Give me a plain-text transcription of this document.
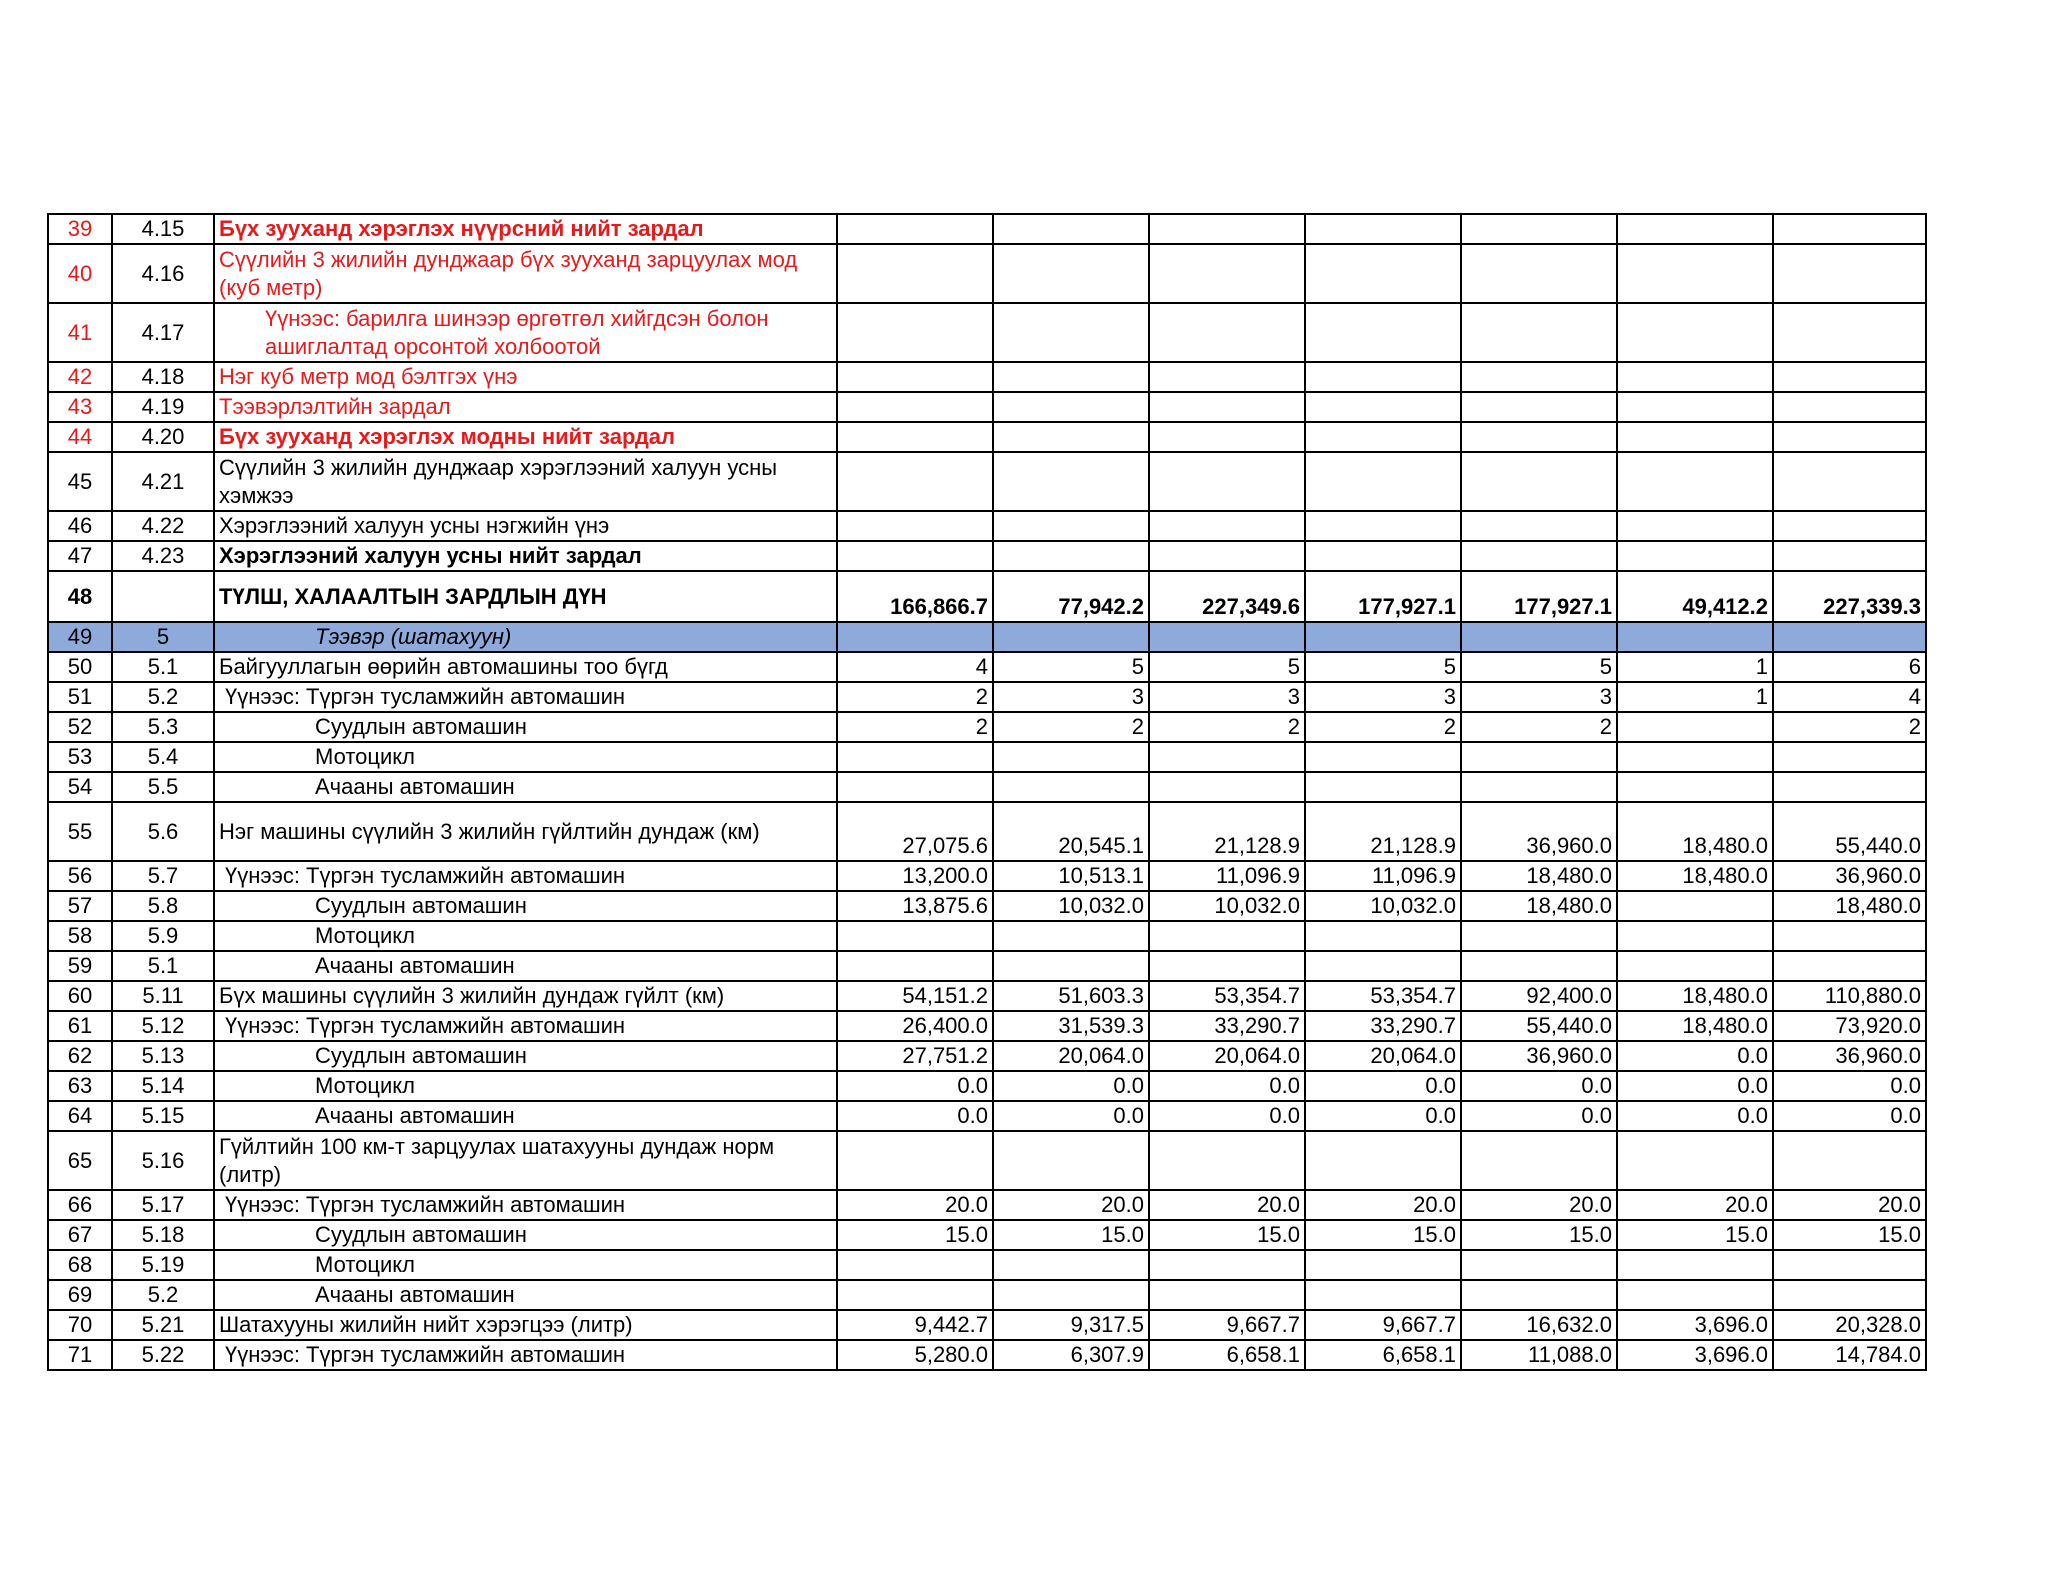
39	4.15	Бүх зууханд хэрэглэх нүүрсний нийт зардал							
40	4.16	Сүүлийн 3 жилийн дунджаар бүх зууханд зарцуулах мод (куб метр)							
41	4.17	Үүнээс: барилга шинээр өргөтгөл хийгдсэн болон ашиглалтад орсонтой холбоотой							
42	4.18	Нэг куб метр мод бэлтгэх үнэ							
43	4.19	Тээвэрлэлтийн зардал							
44	4.20	Бүх зууханд хэрэглэх модны нийт зардал							
45	4.21	Сүүлийн 3 жилийн дунджаар хэрэглээний халуун усны хэмжээ							
46	4.22	Хэрэглээний халуун усны нэгжийн үнэ							
47	4.23	Хэрэглээний халуун усны нийт зардал							
48		ТҮЛШ, ХАЛААЛТЫН ЗАРДЛЫН ДҮН	166,866.7	77,942.2	227,349.6	177,927.1	177,927.1	49,412.2	227,339.3
49	5	Тээвэр (шатахуун)							
50	5.1	Байгууллагын өөрийн автомашины тоо бүгд	4	5	5	5	5	1	6
51	5.2	Үүнээс: Түргэн тусламжийн автомашин	2	3	3	3	3	1	4
52	5.3	Суудлын автомашин	2	2	2	2	2		2
53	5.4	Мотоцикл							
54	5.5	Ачааны автомашин							
55	5.6	Нэг машины сүүлийн 3 жилийн гүйлтийн дундаж (км)	27,075.6	20,545.1	21,128.9	21,128.9	36,960.0	18,480.0	55,440.0
56	5.7	Үүнээс: Түргэн тусламжийн автомашин	13,200.0	10,513.1	11,096.9	11,096.9	18,480.0	18,480.0	36,960.0
57	5.8	Суудлын автомашин	13,875.6	10,032.0	10,032.0	10,032.0	18,480.0		18,480.0
58	5.9	Мотоцикл							
59	5.1	Ачааны автомашин							
60	5.11	Бүх машины сүүлийн 3 жилийн дундаж гүйлт (км)	54,151.2	51,603.3	53,354.7	53,354.7	92,400.0	18,480.0	110,880.0
61	5.12	Үүнээс: Түргэн тусламжийн автомашин	26,400.0	31,539.3	33,290.7	33,290.7	55,440.0	18,480.0	73,920.0
62	5.13	Суудлын автомашин	27,751.2	20,064.0	20,064.0	20,064.0	36,960.0	0.0	36,960.0
63	5.14	Мотоцикл	0.0	0.0	0.0	0.0	0.0	0.0	0.0
64	5.15	Ачааны автомашин	0.0	0.0	0.0	0.0	0.0	0.0	0.0
65	5.16	Гүйлтийн 100 км-т зарцуулах шатахууны дундаж норм (литр)							
66	5.17	Үүнээс: Түргэн тусламжийн автомашин	20.0	20.0	20.0	20.0	20.0	20.0	20.0
67	5.18	Суудлын автомашин	15.0	15.0	15.0	15.0	15.0	15.0	15.0
68	5.19	Мотоцикл							
69	5.2	Ачааны автомашин							
70	5.21	Шатахууны жилийн нийт хэрэгцээ (литр)	9,442.7	9,317.5	9,667.7	9,667.7	16,632.0	3,696.0	20,328.0
71	5.22	Үүнээс: Түргэн тусламжийн автомашин	5,280.0	6,307.9	6,658.1	6,658.1	11,088.0	3,696.0	14,784.0
